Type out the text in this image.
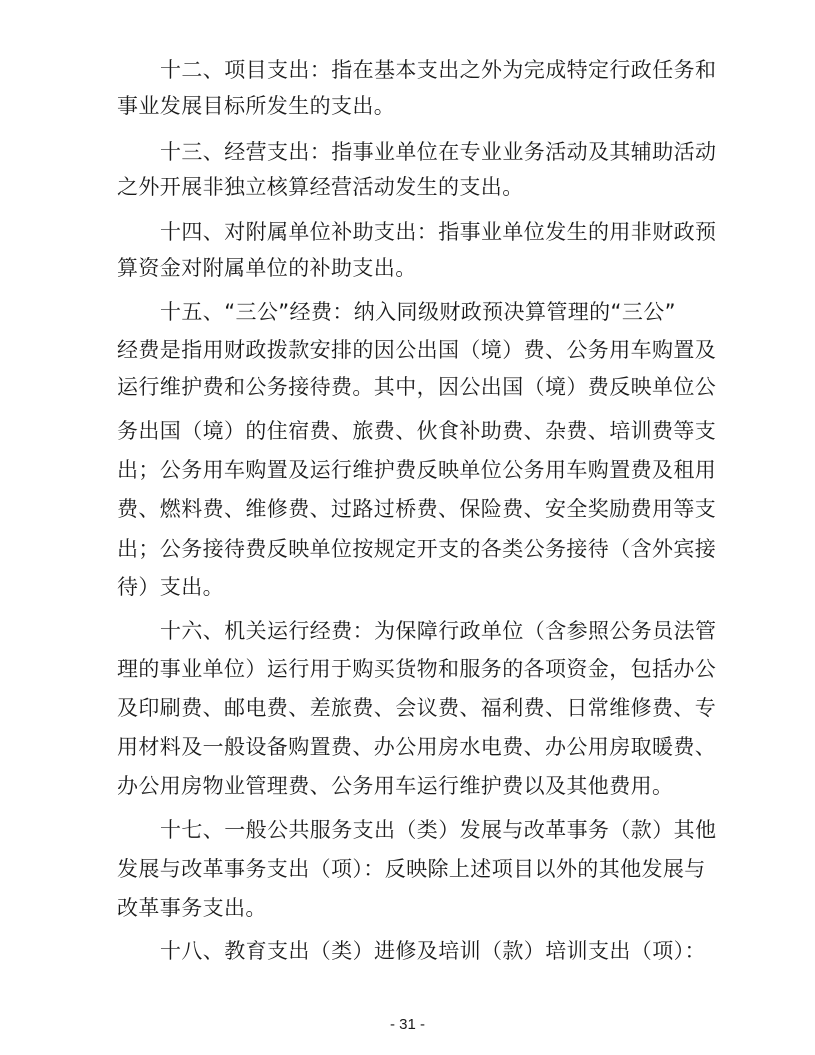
十二、项目支出：指在基本支出之外为完成特定行政任务和
事业发展目标所发生的支出。
十三、经营支出：指事业单位在专业业务活动及其辅助活动
之外开展非独立核算经营活动发生的支出。
十四、对附属单位补助支出：指事业单位发生的用非财政预
算资金对附属单位的补助支出。
十五、“三公”经费：纳入同级财政预决算管理的“三公”
经费是指用财政拨款安排的因公出国（境）费、公务用车购置及
运行维护费和公务接待费。其中，因公出国（境）费反映单位公
务出国（境）的住宿费、旅费、伙食补助费、杂费、培训费等支
出；公务用车购置及运行维护费反映单位公务用车购置费及租用
费、燃料费、维修费、过路过桥费、保险费、安全奖励费用等支
出；公务接待费反映单位按规定开支的各类公务接待（含外宾接
待）支出。
十六、机关运行经费：为保障行政单位（含参照公务员法管
理的事业单位）运行用于购买货物和服务的各项资金，包括办公
及印刷费、邮电费、差旅费、会议费、福利费、日常维修费、专
用材料及一般设备购置费、办公用房水电费、办公用房取暖费、
办公用房物业管理费、公务用车运行维护费以及其他费用。
十七、一般公共服务支出（类）发展与改革事务（款）其他
发展与改革事务支出（项）：反映除上述项目以外的其他发展与
改革事务支出。
十八、教育支出（类）进修及培训（款）培训支出（项）：
- 31 -
